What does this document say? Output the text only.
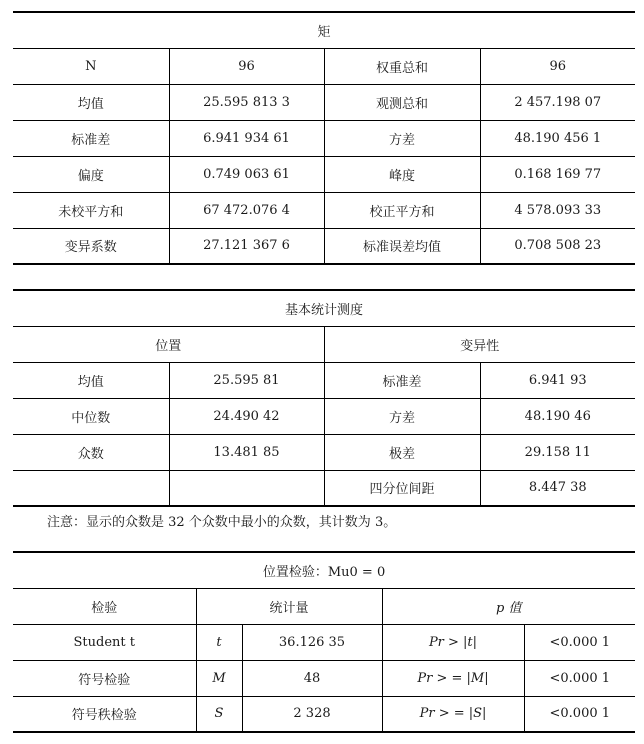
矩			
N	96	权重总和	96
均值	25.595 813 3	观测总和	2 457.198 07
标准差	6.941 934 61	方差	48.190 456 1
偏度	0.749 063 61	峰度	0.168 169 77
未校平方和	67 472.076 4	校正平方和	4 578.093 33
变异系数	27.121 367 6	标准误差均值	0.708 508 23
基本统计测度			
位置		变异性	
均值	25.595 81	标准差	6.941 93
中位数	24.490 42	方差	48.190 46
众数	13.481 85	极差	29.158 11
		四分位间距	8.447 38
注意：显示的众数是 32 个众数中最小的众数，其计数为 3。
位置检验：Mu0 = 0				
检验	统计量		p 值	
Student t	t	36.126 35	Pr > |t|	<0.000 1
符号检验	M	48	Pr > = |M|	<0.000 1
符号秩检验	S	2 328	Pr > = |S|	<0.000 1
